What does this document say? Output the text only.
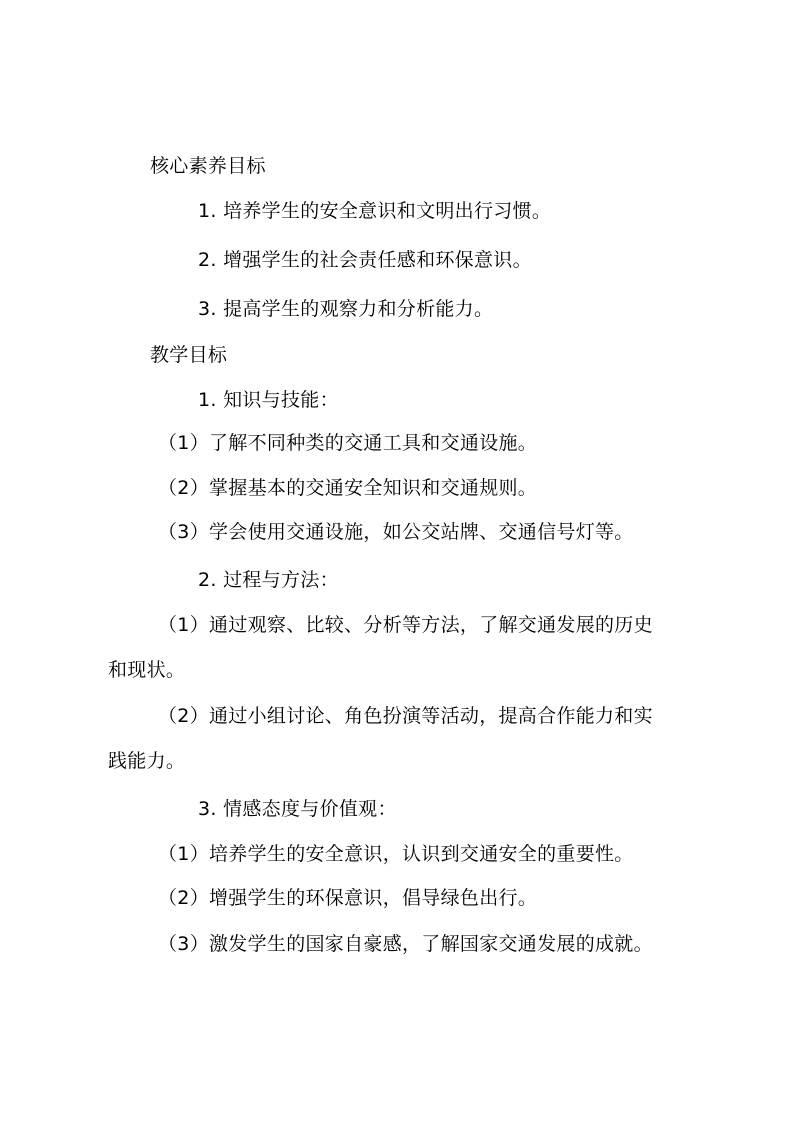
核心素养目标
1. 培养学生的安全意识和文明出行习惯。
2. 增强学生的社会责任感和环保意识。
3. 提高学生的观察力和分析能力。
教学目标
1. 知识与技能：
（1）了解不同种类的交通工具和交通设施。
（2）掌握基本的交通安全知识和交通规则。
（3）学会使用交通设施，如公交站牌、交通信号灯等。
2. 过程与方法：
（1）通过观察、比较、分析等方法，了解交通发展的历史
和现状。
（2）通过小组讨论、角色扮演等活动，提高合作能力和实
践能力。
3. 情感态度与价值观：
（1）培养学生的安全意识，认识到交通安全的重要性。
（2）增强学生的环保意识，倡导绿色出行。
（3）激发学生的国家自豪感，了解国家交通发展的成就。
